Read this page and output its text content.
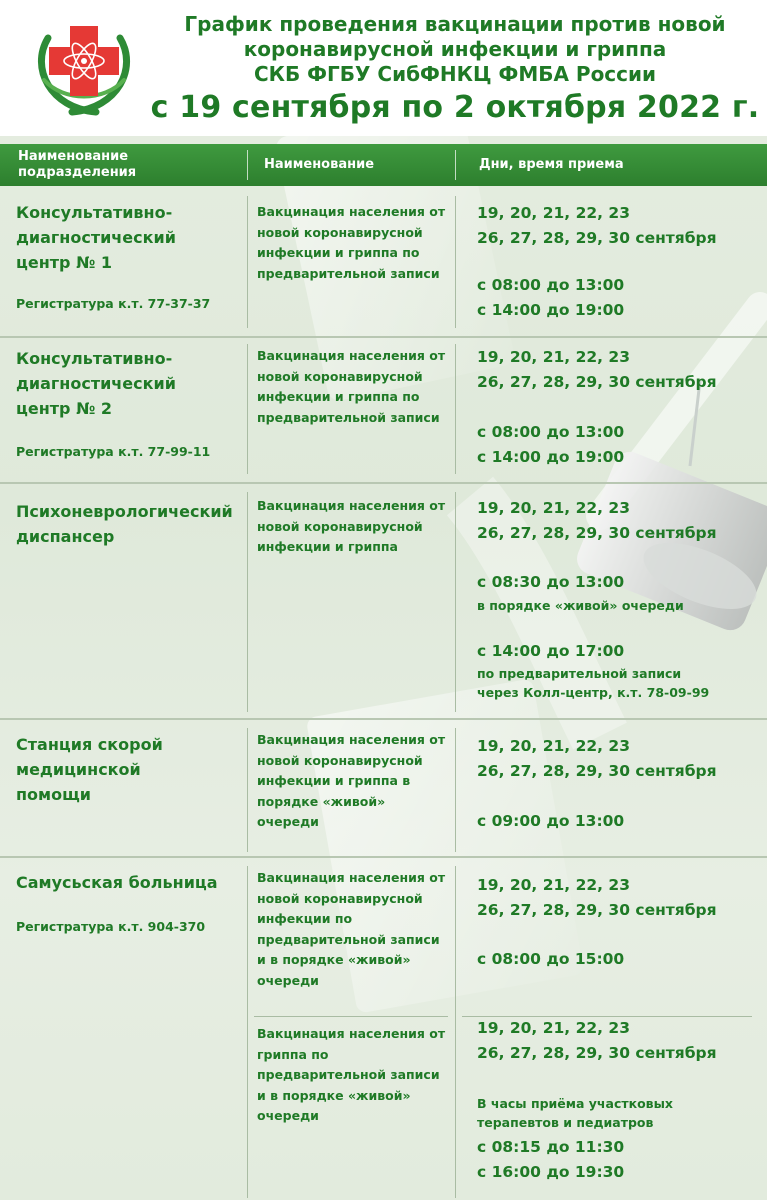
График проведения вакцинации против новой
коронавирусной инфекции и гриппа
СКБ ФГБУ СибФНКЦ ФМБА России
с 19 сентября по 2 октября 2022 г.
Наименование подразделения
Наименование	Дни, время приема
Консультативно-диагностический центр № 1
Регистратура к.т. 77-37-37
Вакцинация населения от новой коронавирусной инфекции и гриппа по предварительной записи
19, 20, 21, 22, 23
26, 27, 28, 29, 30 сентября
с 08:00 до 13:00
с 14:00 до 19:00
Консультативно-диагностический центр № 2
Регистратура к.т. 77-99-11
Вакцинация населения от новой коронавирусной инфекции и гриппа по предварительной записи
19, 20, 21, 22, 23
26, 27, 28, 29, 30 сентября
с 08:00 до 13:00
с 14:00 до 19:00
Психоневрологический диспансер
Вакцинация населения от новой коронавирусной инфекции и гриппа
19, 20, 21, 22, 23
26, 27, 28, 29, 30 сентября
с 08:30 до 13:00
в порядке «живой» очереди
с 14:00 до 17:00
по предварительной записи
через Колл-центр, к.т. 78-09-99
Станция скорой медицинской помощи
Вакцинация населения от новой коронавирусной инфекции и гриппа в порядке «живой» очереди
19, 20, 21, 22, 23
26, 27, 28, 29, 30 сентября
с 09:00 до 13:00
Самусьская больница
Регистратура к.т. 904-370
Вакцинация населения от новой коронавирусной инфекции по предварительной записи и в порядке «живой» очереди
19, 20, 21, 22, 23
26, 27, 28, 29, 30 сентября
с 08:00 до 15:00
Вакцинация населения от гриппа по предварительной записи и в порядке «живой» очереди
19, 20, 21, 22, 23
26, 27, 28, 29, 30 сентября
В часы приёма участковых
терапевтов и педиатров
с 08:15 до 11:30
с 16:00 до 19:30
